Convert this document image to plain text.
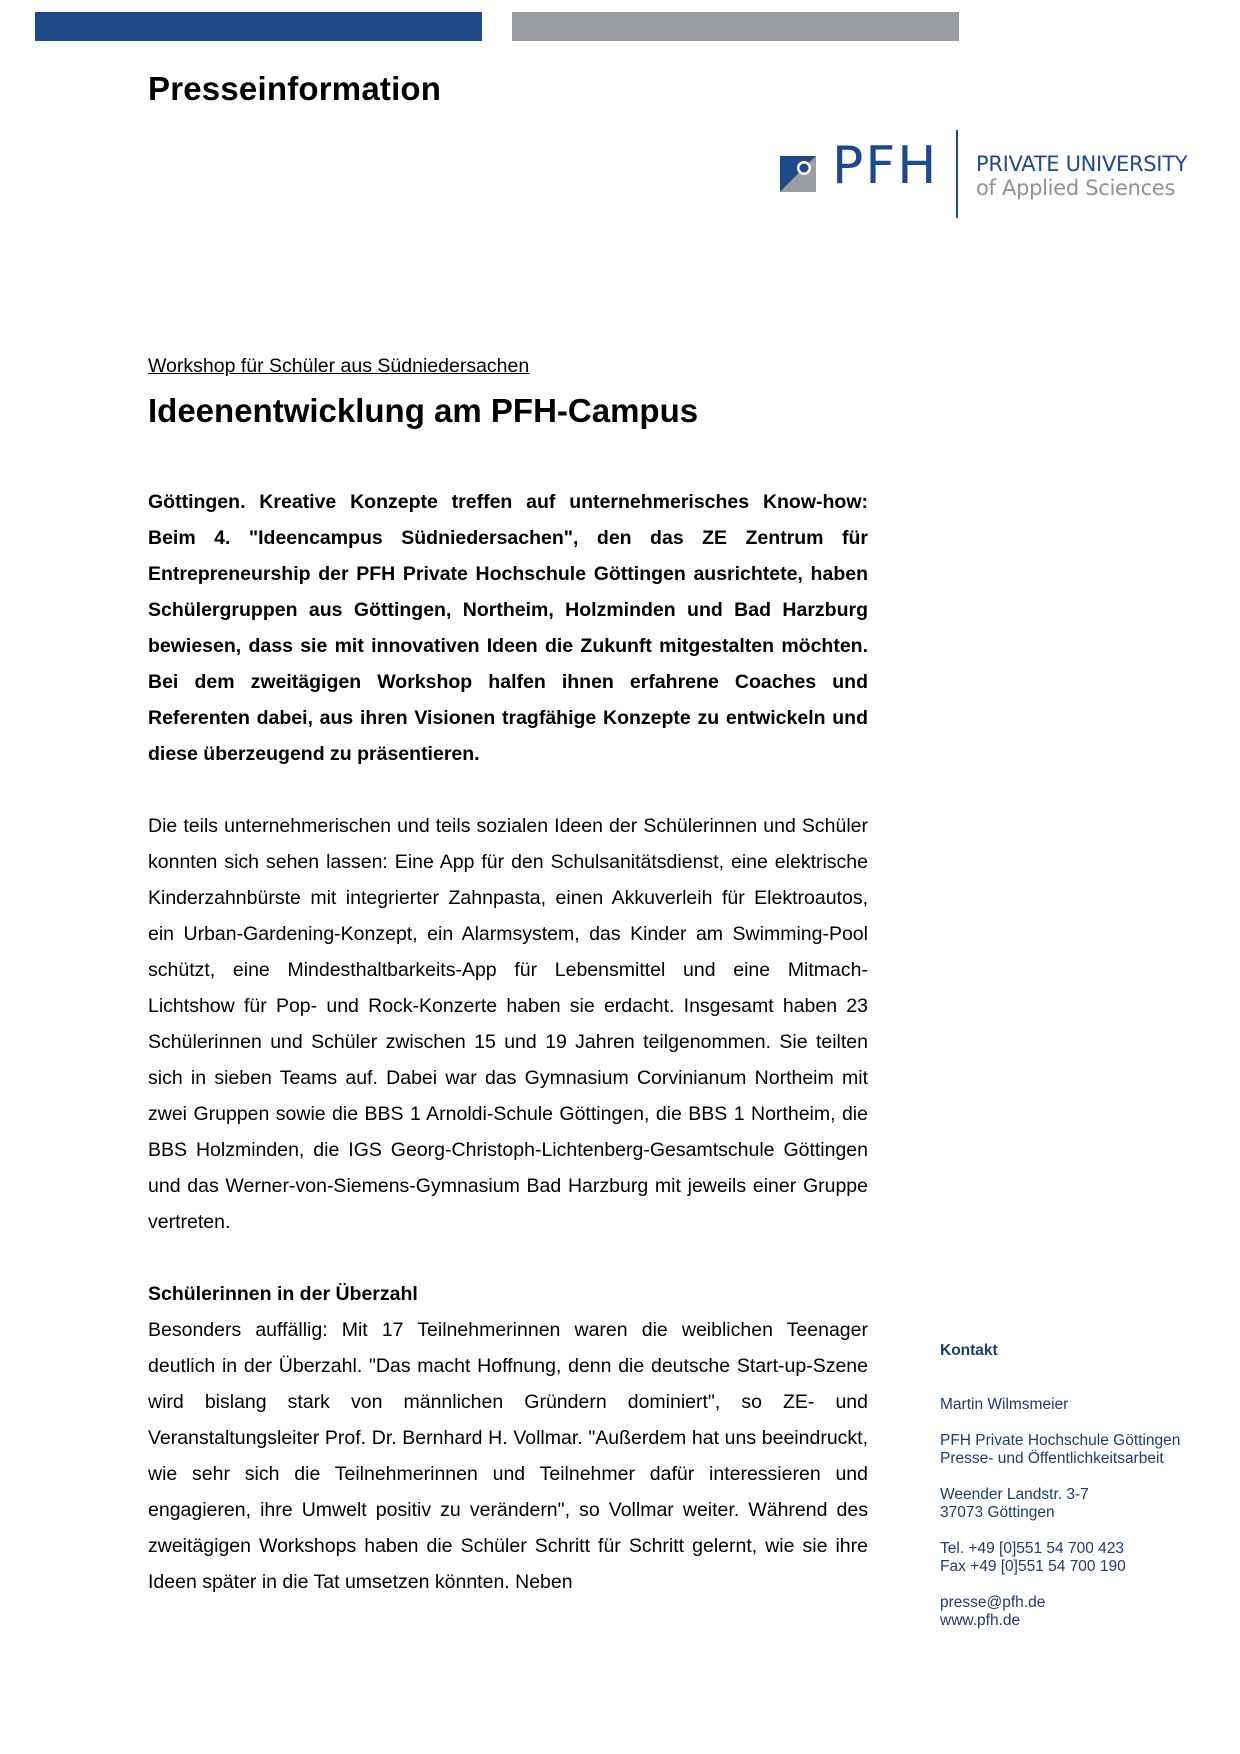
Presseinformation
PFH PRIVATE UNIVERSITY
of Applied Sciences

Workshop für Schüler aus Südniedersachen

Ideenentwicklung am PFH-Campus

Göttingen. Kreative Konzepte treffen auf unternehmerisches Know-how: Beim 4. "Ideencampus Südniedersachen", den das ZE Zentrum für Entrepreneurship der PFH Private Hochschule Göttingen ausrichtete, haben Schülergruppen aus Göttingen, Northeim, Holzminden und Bad Harzburg bewiesen, dass sie mit innovativen Ideen die Zukunft mitgestalten möchten. Bei dem zweitägigen Workshop halfen ihnen erfahrene Coaches und Referenten dabei, aus ihren Visionen tragfähige Konzepte zu entwickeln und diese überzeugend zu präsentieren.

Die teils unternehmerischen und teils sozialen Ideen der Schülerinnen und Schüler konnten sich sehen lassen: Eine App für den Schulsanitätsdienst, eine elektrische Kinderzahnbürste mit integrierter Zahnpasta, einen Akkuverleih für Elektroautos, ein Urban-Gardening-Konzept, ein Alarmsystem, das Kinder am Swimming-Pool schützt, eine Mindesthaltbarkeits-App für Lebensmittel und eine Mitmach-Lichtshow für Pop- und Rock-Konzerte haben sie erdacht. Insgesamt haben 23 Schülerinnen und Schüler zwischen 15 und 19 Jahren teilgenommen. Sie teilten sich in sieben Teams auf. Dabei war das Gymnasium Corvinianum Northeim mit zwei Gruppen sowie die BBS 1 Arnoldi-Schule Göttingen, die BBS 1 Northeim, die BBS Holzminden, die IGS Georg-Christoph-Lichtenberg-Gesamtschule Göttingen und das Werner-von-Siemens-Gymnasium Bad Harzburg mit jeweils einer Gruppe vertreten.

Schülerinnen in der Überzahl

Besonders auffällig: Mit 17 Teilnehmerinnen waren die weiblichen Teenager deutlich in der Überzahl. "Das macht Hoffnung, denn die deutsche Start-up-Szene wird bislang stark von männlichen Gründern dominiert", so ZE- und Veranstaltungsleiter Prof. Dr. Bernhard H. Vollmar. "Außerdem hat uns beeindruckt, wie sehr sich die Teilnehmerinnen und Teilnehmer dafür interessieren und engagieren, ihre Umwelt positiv zu verändern", so Vollmar weiter. Während des zweitägigen Workshops haben die Schüler Schritt für Schritt gelernt, wie sie ihre Ideen später in die Tat umsetzen könnten. Neben

Kontakt

Martin Wilmsmeier

PFH Private Hochschule Göttingen

Presse- und Öffentlichkeitsarbeit

Weender Landstr. 3-7

37073 Göttingen

Tel. +49 [0]551 54 700 423

Fax +49 [0]551 54 700 190

presse@pfh.de

www.pfh.de
